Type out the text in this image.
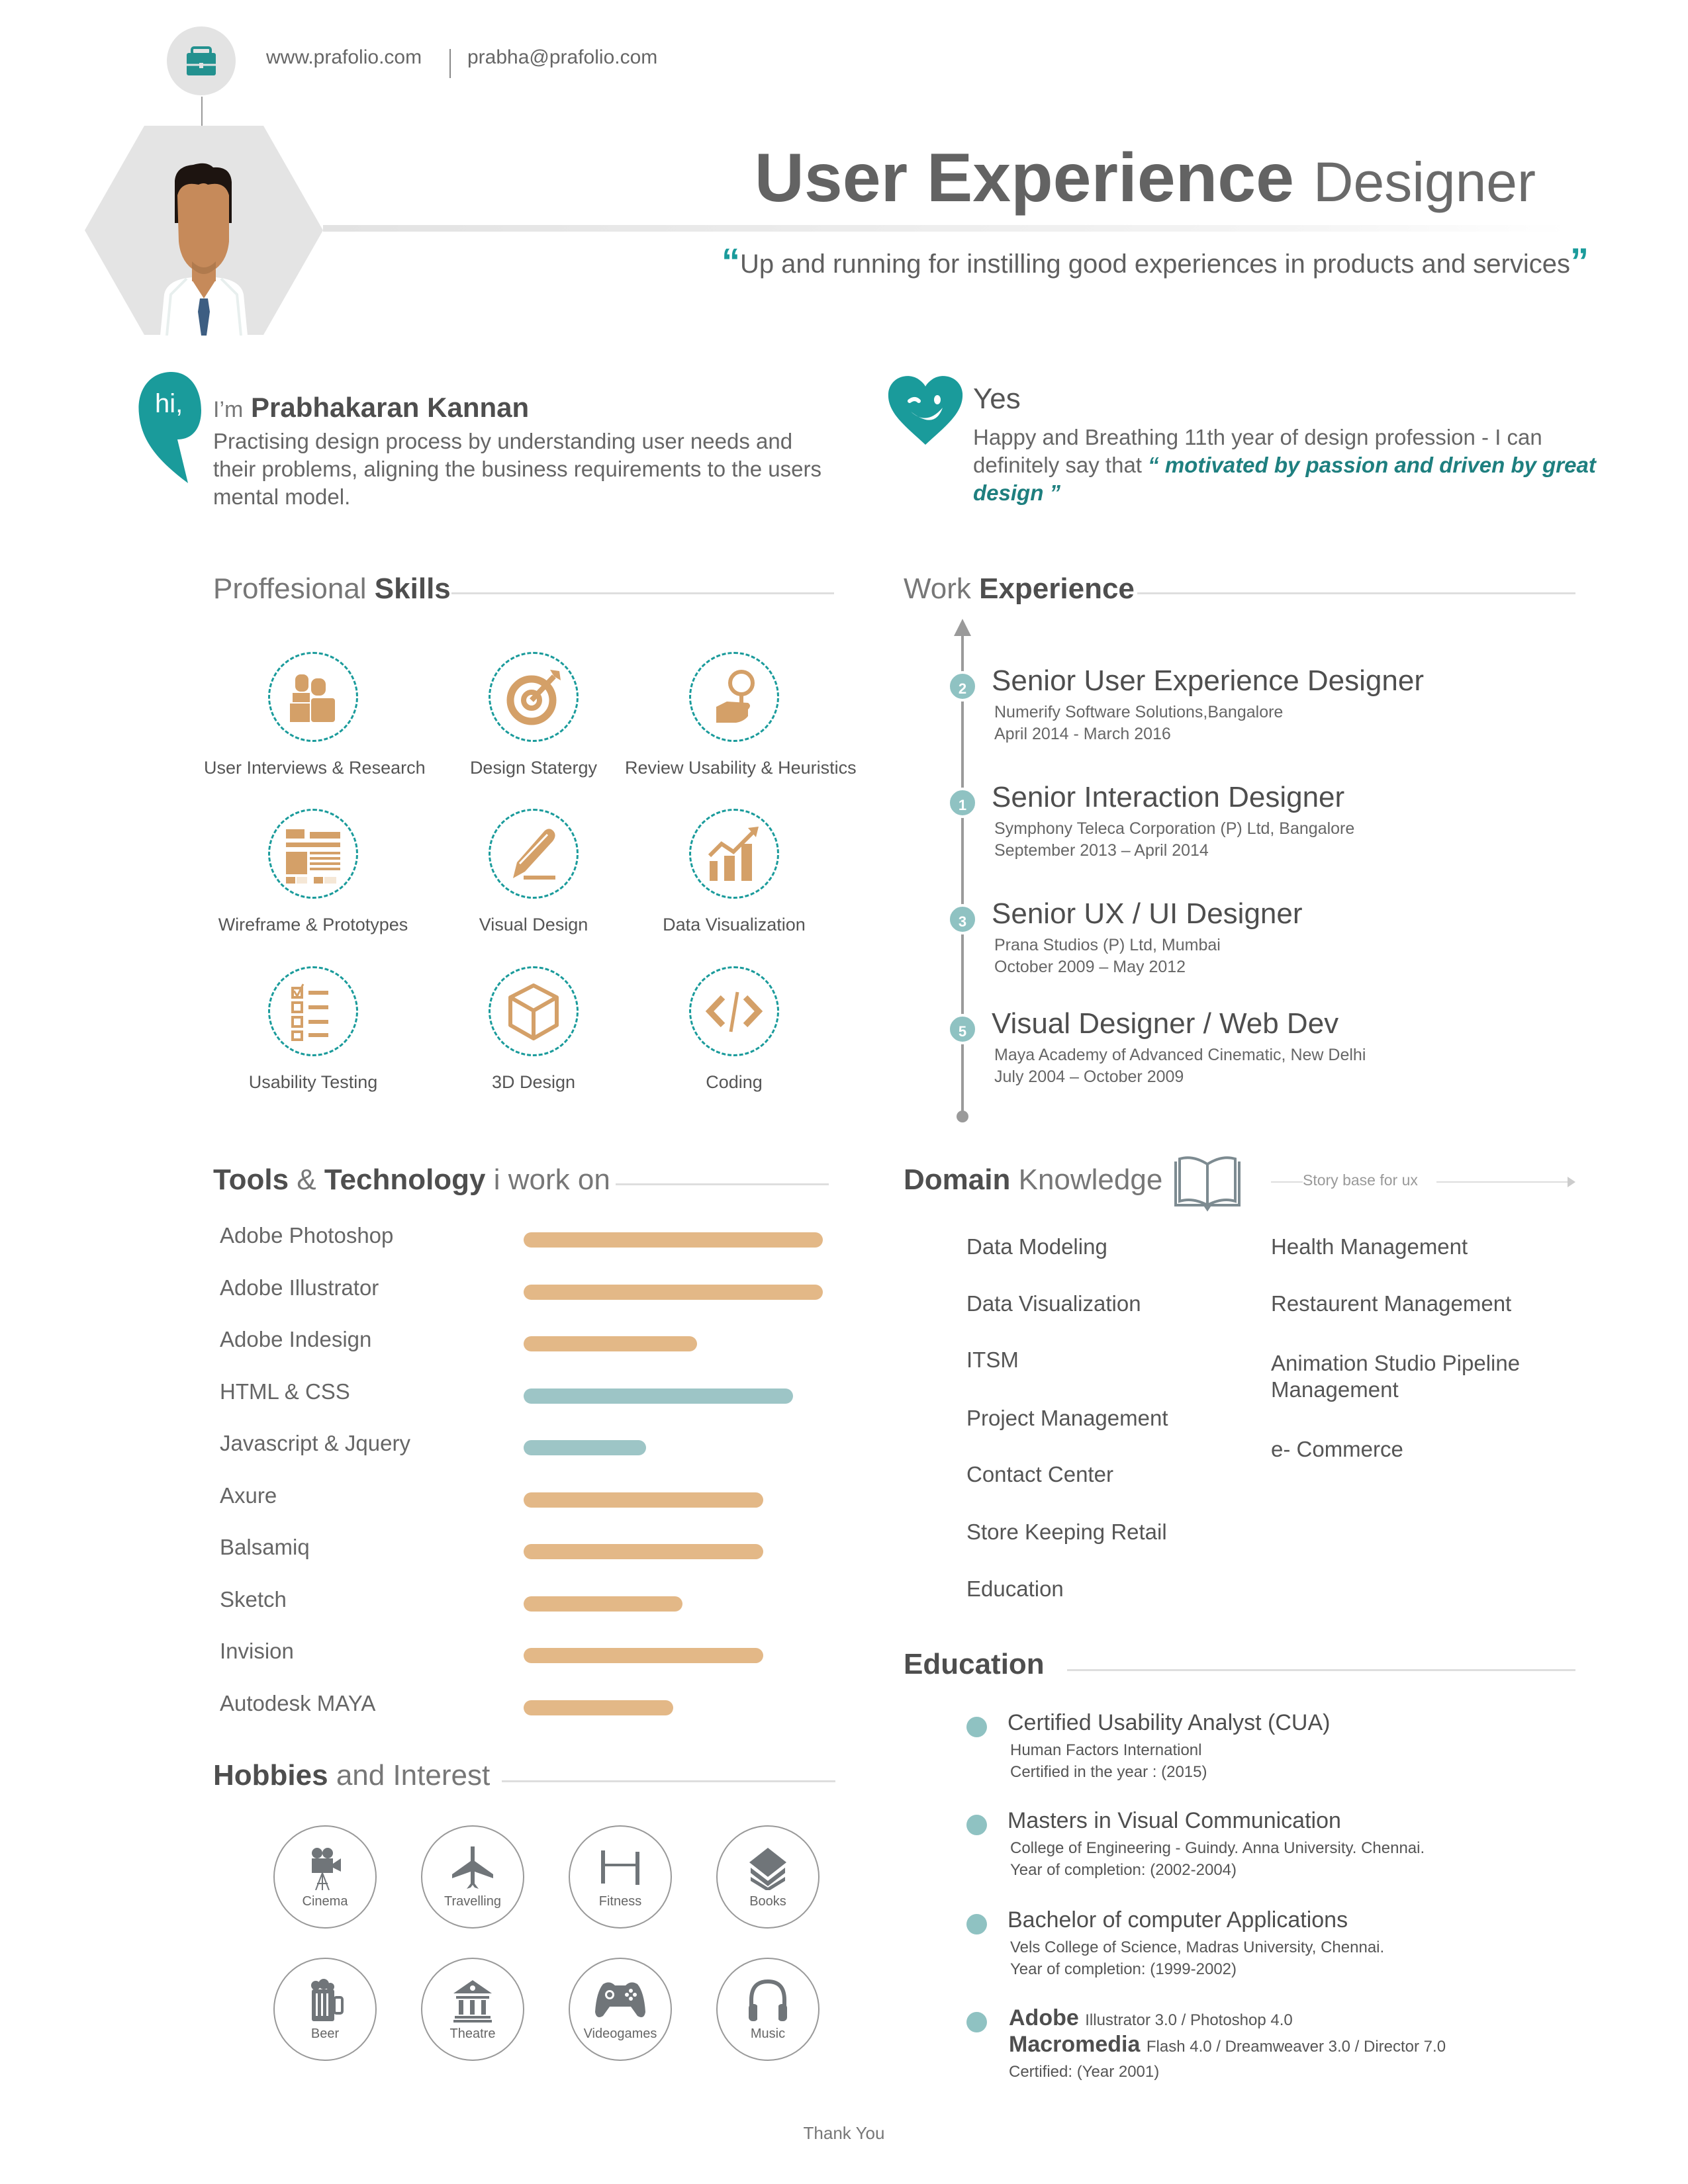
www.prafolio.com prabha@prafolio.com
User Experience Designer
“Up and running for instilling good experiences in products and services”
hi, I’m Prabhakaran Kannan
Practising design process by understanding user needs and their problems, aligning the business requirements to the users mental model.
Yes
Happy and Breathing 11th year of design profession - I can definitely say that “ motivated by passion and driven by great design ”
Proffesional Skills
User Interviews & Research	Design Statergy	Review Usability & Heuristics
Wireframe & Prototypes	Visual Design	Data Visualization
Usability Testing	3D Design	Coding
Work Experience
2 Senior User Experience Designer
Numerify Software Solutions,Bangalore
April 2014 - March 2016
1 Senior Interaction Designer
Symphony Teleca Corporation (P) Ltd, Bangalore
September 2013 – April 2014
3 Senior UX / UI Designer
Prana Studios (P) Ltd, Mumbai
October 2009 – May 2012
5 Visual Designer / Web Dev
Maya Academy of Advanced Cinematic, New Delhi
July 2004 – October 2009
Tools & Technology i work on
Adobe Photoshop
Adobe Illustrator
Adobe Indesign
HTML & CSS
Javascript & Jquery
Axure
Balsamiq
Sketch
Invision
Autodesk MAYA
Hobbies and Interest
Cinema	Travelling	Fitness	Books
Beer	Theatre	Videogames	Music
Domain Knowledge	Story base for ux
Data Modeling
Data Visualization
ITSM
Project Management
Contact Center
Store Keeping Retail
Education
Health Management
Restaurent Management
Animation Studio Pipeline Management
e- Commerce
Education
Certified Usability Analyst (CUA)
Human Factors Internationl
Certified in the year : (2015)
Masters in Visual Communication
College of Engineering - Guindy. Anna University. Chennai.
Year of completion: (2002-2004)
Bachelor of computer Applications
Vels College of Science, Madras University, Chennai.
Year of completion: (1999-2002)
Adobe Illustrator 3.0 / Photoshop 4.0
Macromedia Flash 4.0 / Dreamweaver 3.0 / Director 7.0
Certified: (Year 2001)
Thank You
